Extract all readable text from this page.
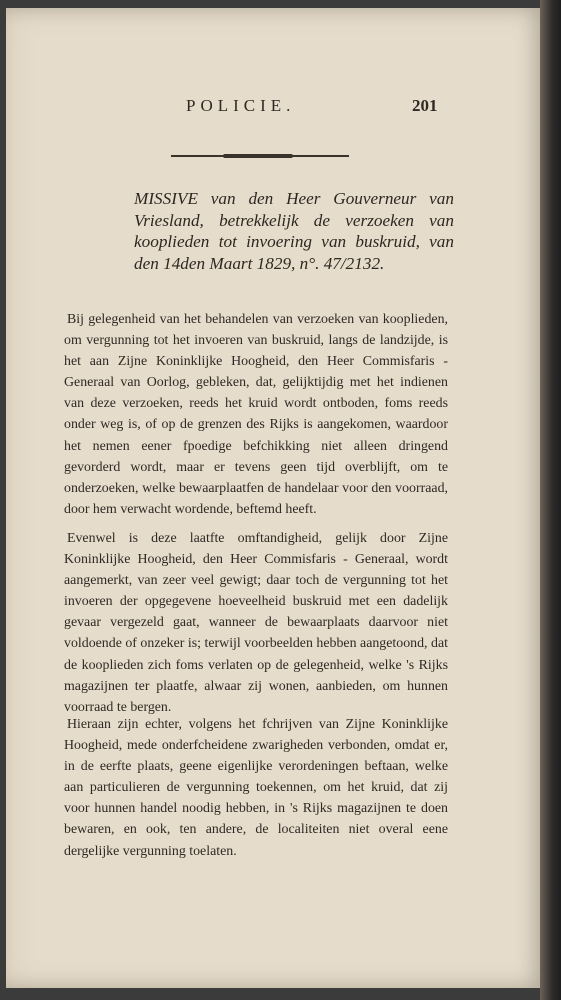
POLICIE.	201
MISSIVE van den Heer Gouverneur van Vriesland, betrekkelijk de verzoeken van kooplieden tot invoering van buskruid, van den 14den Maart 1829, n°. 47/2132.

Bij gelegenheid van het behandelen van verzoeken van kooplieden, om vergunning tot het invoeren van buskruid, langs de landzijde, is het aan Zijne Koninklijke Hoogheid, den Heer Commisfaris - Generaal van Oorlog, gebleken, dat, gelijktijdig met het indienen van deze verzoeken, reeds het kruid wordt ontboden, foms reeds onder weg is, of op de grenzen des Rijks is aangekomen, waardoor het nemen eener fpoedige befchikking niet alleen dringend gevorderd wordt, maar er tevens geen tijd overblijft, om te onderzoeken, welke bewaarplaatfen de handelaar voor den voorraad, door hem verwacht wordende, beftemd heeft.

Evenwel is deze laatfte omftandigheid, gelijk door Zijne Koninklijke Hoogheid, den Heer Commisfaris - Generaal, wordt aangemerkt, van zeer veel gewigt; daar toch de vergunning tot het invoeren der opgegevene hoeveelheid buskruid met een dadelijk gevaar vergezeld gaat, wanneer de bewaarplaats daarvoor niet voldoende of onzeker is; terwijl voorbeelden hebben aangetoond, dat de kooplieden zich foms verlaten op de gelegenheid, welke 's Rijks magazijnen ter plaatfe, alwaar zij wonen, aanbieden, om hunnen voorraad te bergen.

Hieraan zijn echter, volgens het fchrijven van Zijne Koninklijke Hoogheid, mede onderfcheidene zwarigheden verbonden, omdat er, in de eerfte plaats, geene eigenlijke verordeningen beftaan, welke aan particulieren de vergunning toekennen, om het kruid, dat zij voor hunnen handel noodig hebben, in 's Rijks magazijnen te doen bewaren, en ook, ten andere, de localiteiten niet overal eene dergelijke vergunning toelaten.
